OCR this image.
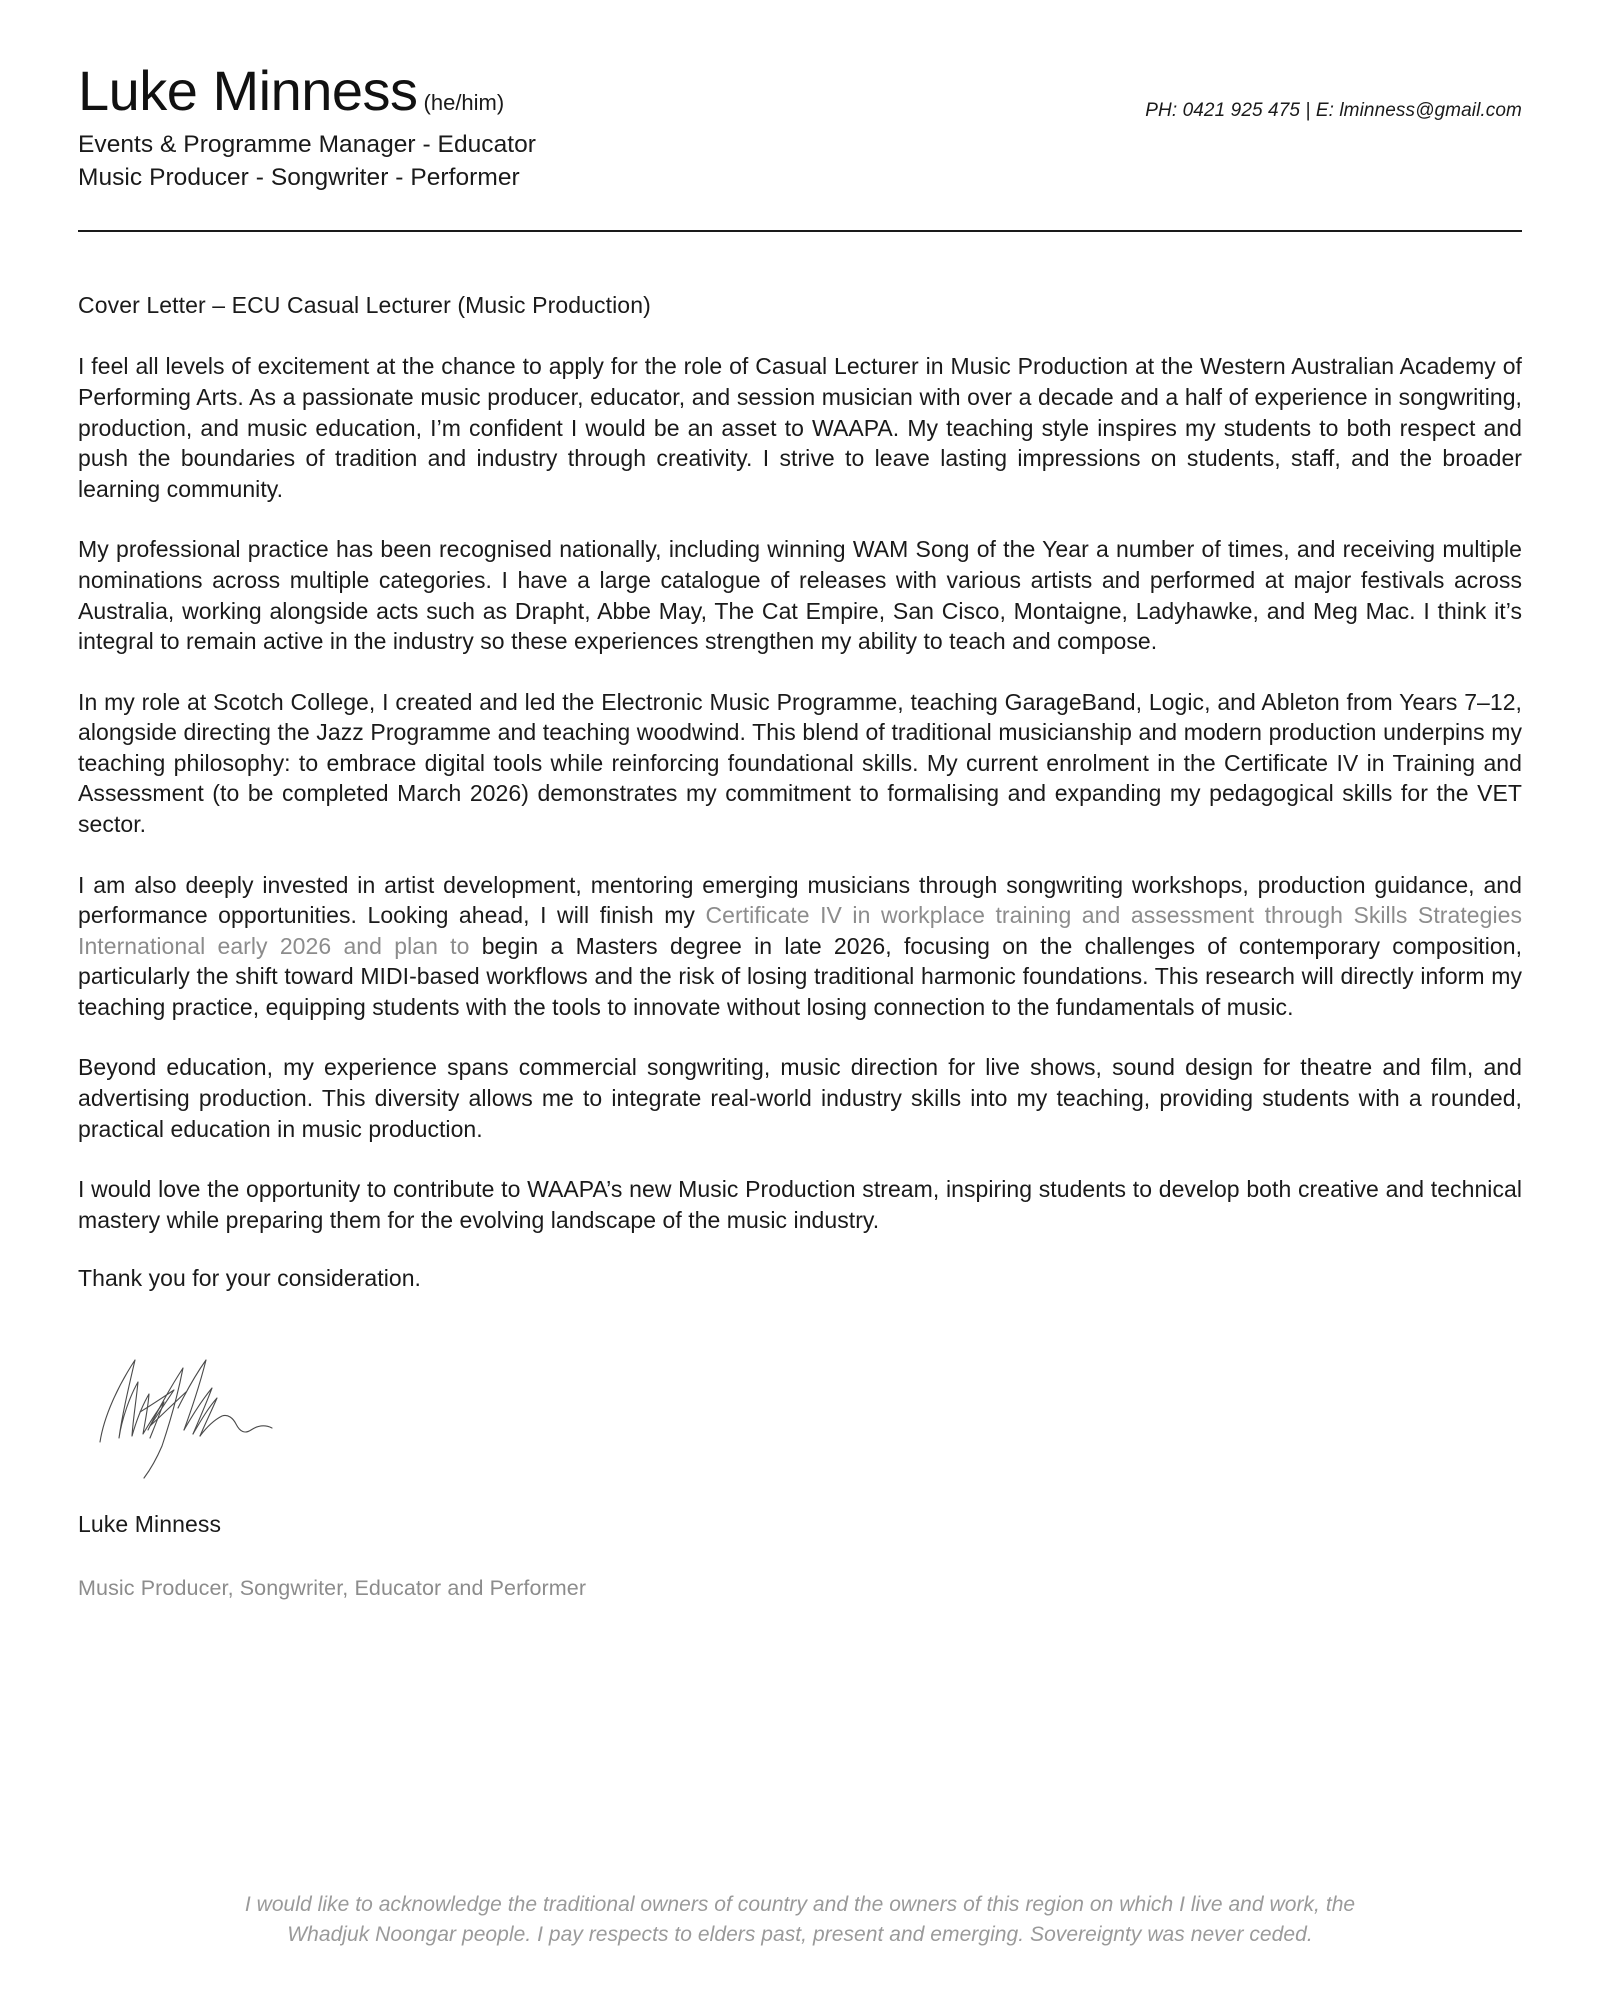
Luke Minness (he/him)
Events & Programme Manager - Educator
Music Producer - Songwriter - Performer
PH: 0421 925 475 | E: lminness@gmail.com
Cover Letter – ECU Casual Lecturer (Music Production)

I feel all levels of excitement at the chance to apply for the role of Casual Lecturer in Music Production at the Western Australian Academy of Performing Arts. As a passionate music producer, educator, and session musician with over a decade and a half of experience in songwriting, production, and music education, I’m confident I would be an asset to WAAPA. My teaching style inspires my students to both respect and push the boundaries of tradition and industry through creativity. I strive to leave lasting impressions on students, staff, and the broader learning community.

My professional practice has been recognised nationally, including winning WAM Song of the Year a number of times, and receiving multiple nominations across multiple categories. I have a large catalogue of releases with various artists and performed at major festivals across Australia, working alongside acts such as Drapht, Abbe May, The Cat Empire, San Cisco, Montaigne, Ladyhawke, and Meg Mac. I think it’s integral to remain active in the industry so these experiences strengthen my ability to teach and compose.

In my role at Scotch College, I created and led the Electronic Music Programme, teaching GarageBand, Logic, and Ableton from Years 7–12, alongside directing the Jazz Programme and teaching woodwind. This blend of traditional musicianship and modern production underpins my teaching philosophy: to embrace digital tools while reinforcing foundational skills. My current enrolment in the Certificate IV in Training and Assessment (to be completed March 2026) demonstrates my commitment to formalising and expanding my pedagogical skills for the VET sector.

I am also deeply invested in artist development, mentoring emerging musicians through songwriting workshops, production guidance, and performance opportunities. Looking ahead, I will finish my Certificate IV in workplace training and assessment through Skills Strategies International early 2026 and plan to begin a Masters degree in late 2026, focusing on the challenges of contemporary composition, particularly the shift toward MIDI-based workflows and the risk of losing traditional harmonic foundations. This research will directly inform my teaching practice, equipping students with the tools to innovate without losing connection to the fundamentals of music.

Beyond education, my experience spans commercial songwriting, music direction for live shows, sound design for theatre and film, and advertising production. This diversity allows me to integrate real-world industry skills into my teaching, providing students with a rounded, practical education in music production.

I would love the opportunity to contribute to WAAPA’s new Music Production stream, inspiring students to develop both creative and technical mastery while preparing them for the evolving landscape of the music industry.

Thank you for your consideration.

Luke Minness
Music Producer, Songwriter, Educator and Performer
I would like to acknowledge the traditional owners of country and the owners of this region on which I live and work, the
Whadjuk Noongar people. I pay respects to elders past, present and emerging. Sovereignty was never ceded.
